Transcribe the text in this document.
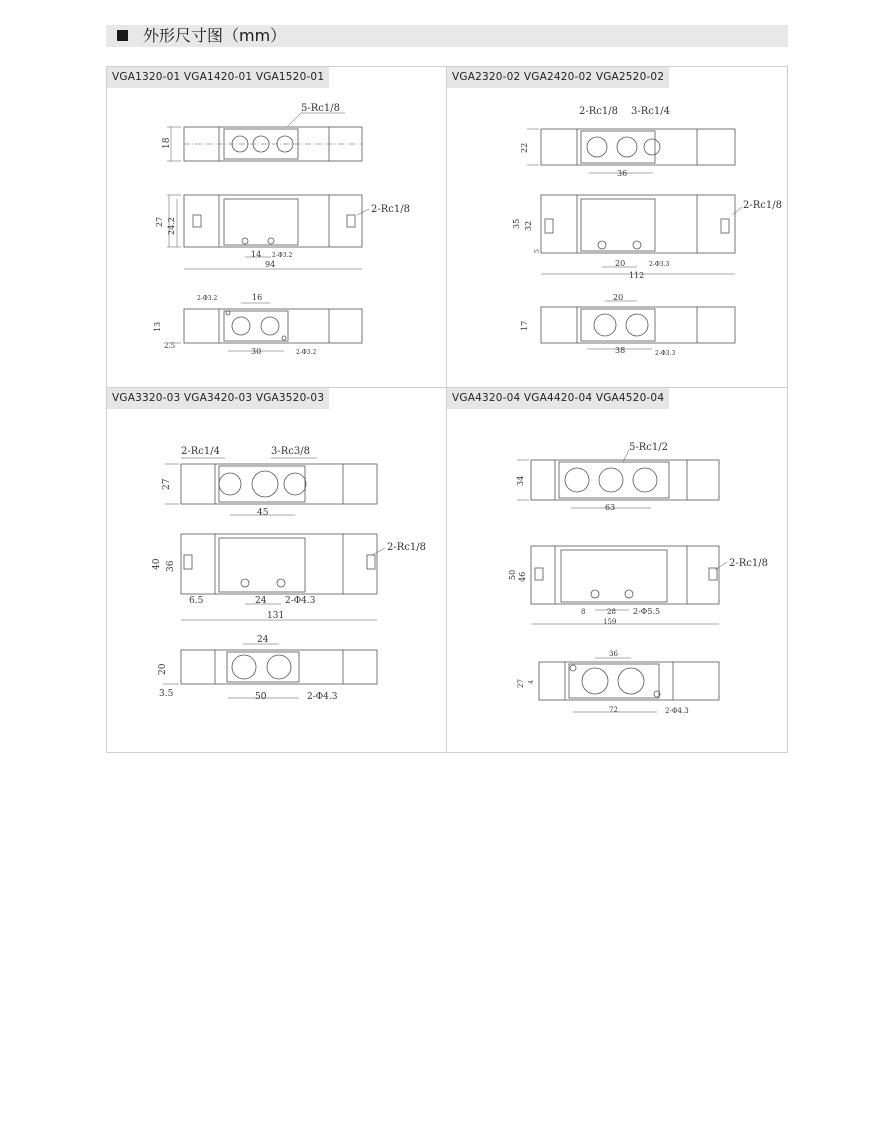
外形尺寸图（mm）
VGA1320-01 VGA1420-01 VGA1520-01
18
5-Rc1/8
27 24.2
14 2-Φ3.2
94
2-Rc1/8
2-Φ3.2	16
13
2.5
30	2-Φ3.2
VGA2320-02 VGA2420-02 VGA2520-02
22
2-Rc1/8 3-Rc1/4
36
35 32
5
20	2-Φ3.3
112
2-Rc1/8
20
17
38	2-Φ3.3
VGA3320-03 VGA3420-03 VGA3520-03
27
2-Rc1/4	3-Rc3/8
45
40 36
6.5	24 2-Φ4.3
131
2-Rc1/8
24
20
3.5	50	2-Φ4.3
VGA4320-04 VGA4420-04 VGA4520-04
34
5-Rc1/2
63
50 46
8	28 2-Φ5.5
159
2-Rc1/8
36
27 4
72	2-Φ4.3
